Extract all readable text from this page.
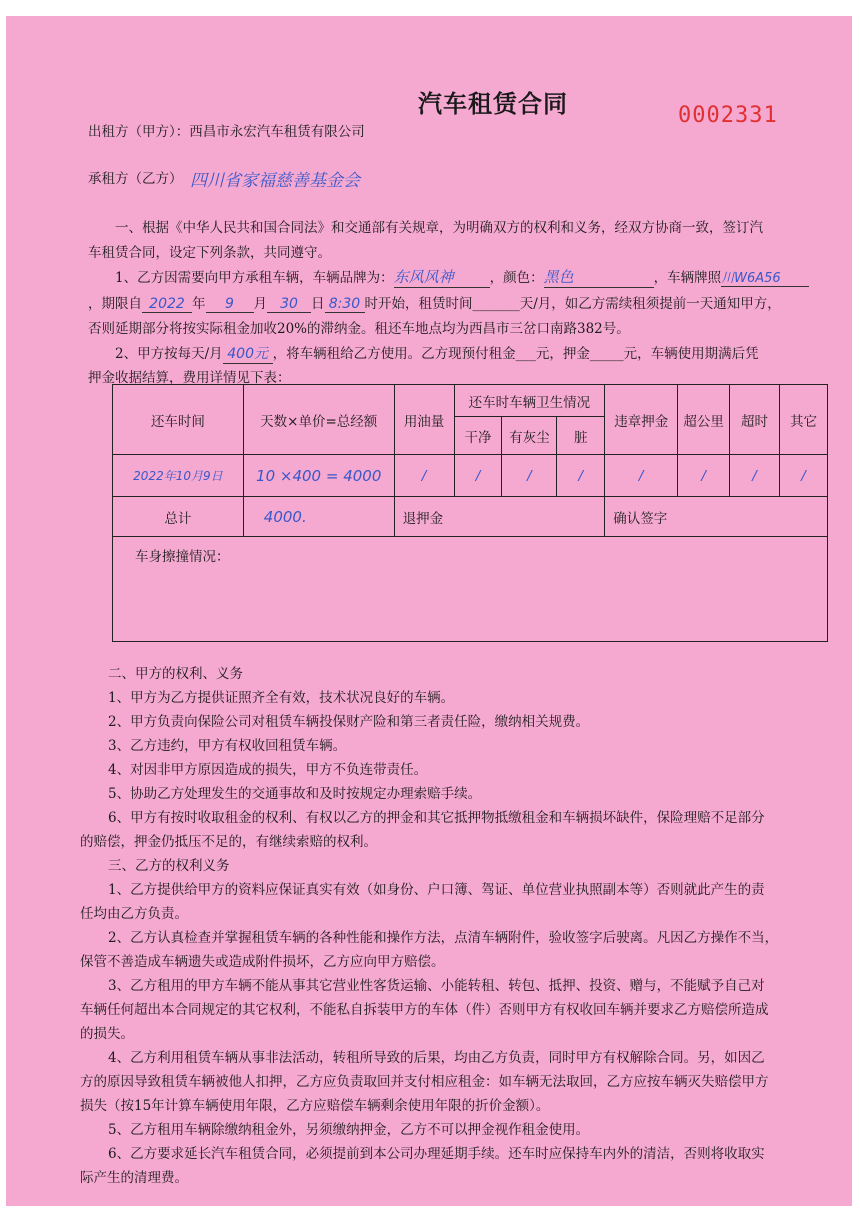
汽车租赁合同	0002331
出租方（甲方）：西昌市永宏汽车租赁有限公司
承租方（乙方） 四川省家福慈善基金会
一、根据《中华人民共和国合同法》和交通部有关规章，为明确双方的权利和义务，经双方协商一致，签订汽
车租赁合同，设定下列条款，共同遵守。
1、乙方因需要向甲方承租车辆，车辆品牌为：东风风神	，颜色：黑色	，车辆牌照川W6A56
，期限自 2022 年 9 月 30 日 8:30 时开始，租赁时间_______天/月，如乙方需续租须提前一天通知甲方，
否则延期部分将按实际租金加收20%的滞纳金。租还车地点均为西昌市三岔口南路382号。
2、甲方按每天/月 400元 ，将车辆租给乙方使用。乙方现预付租金___元，押金_____元，车辆使用期满后凭
押金收据结算，费用详情见下表：
还车时间	天数×单价=总经额	用油量	还车时车辆卫生情况			违章押金	超公里	超时	其它
			干净	有灰尘	脏				
2022年10月9日	10 ×400 = 4000	/	/	/	/	/	/	/	/
总计	4000.	退押金				确认签字			
车身擦撞情况：									
二、甲方的权利、义务
1、甲方为乙方提供证照齐全有效，技术状况良好的车辆。
2、甲方负责向保险公司对租赁车辆投保财产险和第三者责任险，缴纳相关规费。
3、乙方违约，甲方有权收回租赁车辆。
4、对因非甲方原因造成的损失，甲方不负连带责任。
5、协助乙方处理发生的交通事故和及时按规定办理索赔手续。
6、甲方有按时收取租金的权利、有权以乙方的押金和其它抵押物抵缴租金和车辆损坏缺件，保险理赔不足部分
的赔偿，押金仍抵压不足的，有继续索赔的权利。
三、乙方的权利义务
1、乙方提供给甲方的资料应保证真实有效（如身份、户口簿、驾证、单位营业执照副本等）否则就此产生的责
任均由乙方负责。
2、乙方认真检查并掌握租赁车辆的各种性能和操作方法，点清车辆附件，验收签字后驶离。凡因乙方操作不当，
保管不善造成车辆遗失或造成附件损坏，乙方应向甲方赔偿。
3、乙方租用的甲方车辆不能从事其它营业性客货运输、小能转租、转包、抵押、投资、赠与，不能赋予自己对
车辆任何超出本合同规定的其它权利，不能私自拆装甲方的车体（件）否则甲方有权收回车辆并要求乙方赔偿所造成
的损失。
4、乙方利用租赁车辆从事非法活动，转租所导致的后果，均由乙方负责，同时甲方有权解除合同。另，如因乙
方的原因导致租赁车辆被他人扣押，乙方应负责取回并支付相应租金：如车辆无法取回，乙方应按车辆灭失赔偿甲方
损失（按15年计算车辆使用年限，乙方应赔偿车辆剩余使用年限的折价金额）。
5、乙方租用车辆除缴纳租金外，另须缴纳押金，乙方不可以押金视作租金使用。
6、乙方要求延长汽车租赁合同，必须提前到本公司办理延期手续。还车时应保持车内外的清洁，否则将收取实
际产生的清理费。
